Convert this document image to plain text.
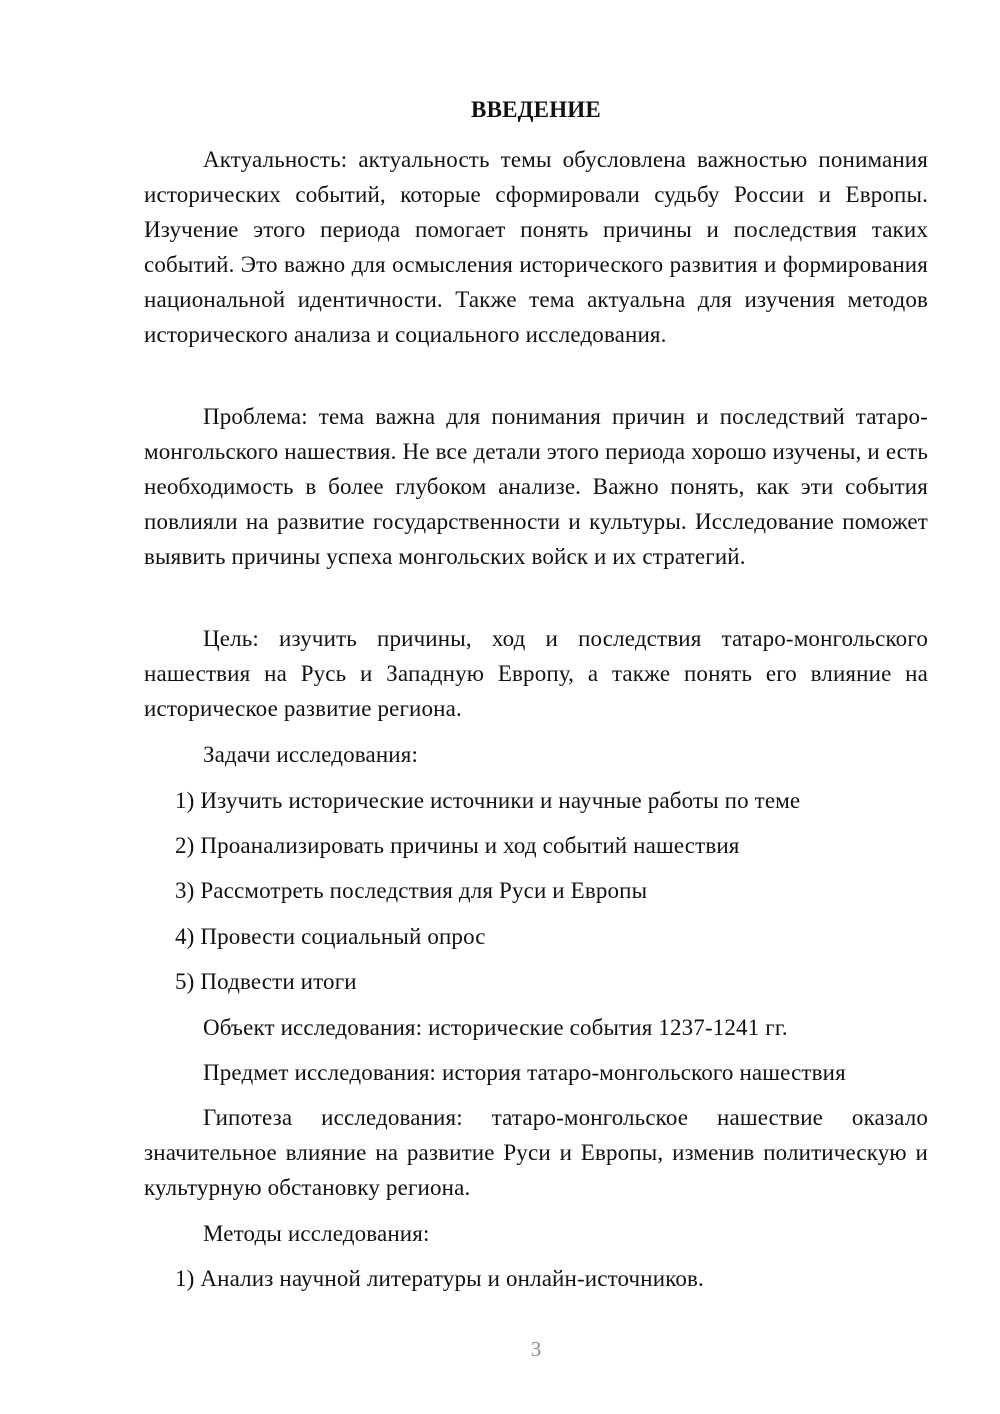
ВВЕДЕНИЕ

Актуальность: актуальность темы обусловлена важностью понимания исторических событий, которые сформировали судьбу России и Европы. Изучение этого периода помогает понять причины и последствия таких событий. Это важно для осмысления исторического развития и формирования национальной идентичности. Также тема актуальна для изучения методов исторического анализа и социального исследования.

Проблема: тема важна для понимания причин и последствий татаро-монгольского нашествия. Не все детали этого периода хорошо изучены, и есть необходимость в более глубоком анализе. Важно понять, как эти события повлияли на развитие государственности и культуры. Исследование поможет выявить причины успеха монгольских войск и их стратегий.

Цель: изучить причины, ход и последствия татаро-монгольского нашествия на Русь и Западную Европу, а также понять его влияние на историческое развитие региона.

Задачи исследования:
1) Изучить исторические источники и научные работы по теме
2) Проанализировать причины и ход событий нашествия
3) Рассмотреть последствия для Руси и Европы
4) Провести социальный опрос
5) Подвести итоги
Объект исследования: исторические события 1237-1241 гг.
Предмет исследования: история татаро-монгольского нашествия

Гипотеза исследования: татаро-монгольское нашествие оказало значительное влияние на развитие Руси и Европы, изменив политическую и культурную обстановку региона.

Методы исследования:
1) Анализ научной литературы и онлайн-источников.
3
